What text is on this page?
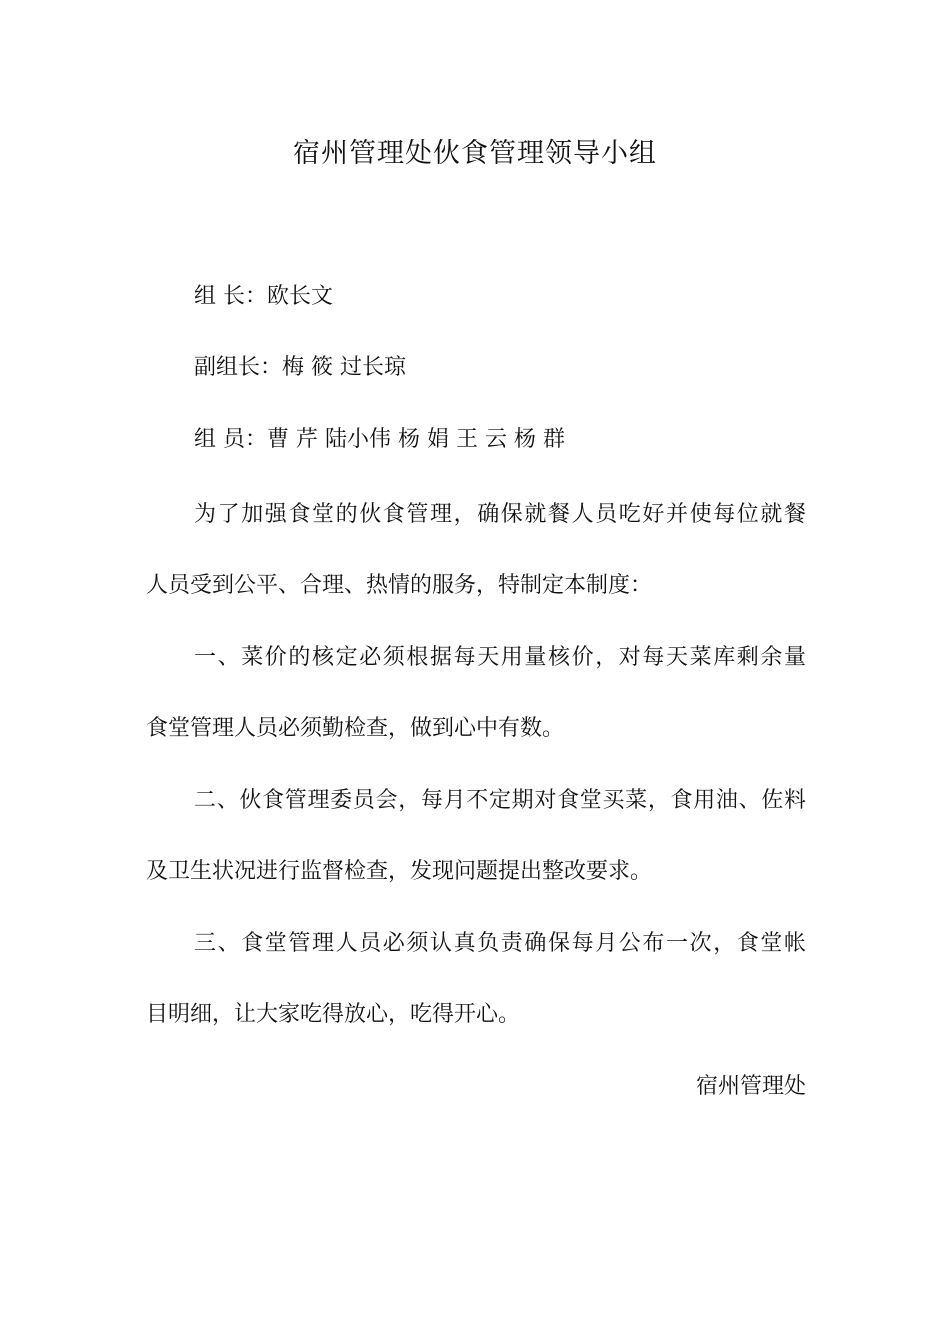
宿州管理处伙食管理领导小组
组 长：欧长文
副组长：梅 筱 过长琼
组 员：曹 芹 陆小伟 杨 娟 王 云 杨 群
为了加强食堂的伙食管理，确保就餐人员吃好并使每位就餐
人员受到公平、合理、热情的服务，特制定本制度：
一、菜价的核定必须根据每天用量核价，对每天菜库剩余量
食堂管理人员必须勤检查，做到心中有数。
二、伙食管理委员会，每月不定期对食堂买菜，食用油、佐料
及卫生状况进行监督检查，发现问题提出整改要求。
三、食堂管理人员必须认真负责确保每月公布一次，食堂帐
目明细，让大家吃得放心，吃得开心。
宿州管理处
